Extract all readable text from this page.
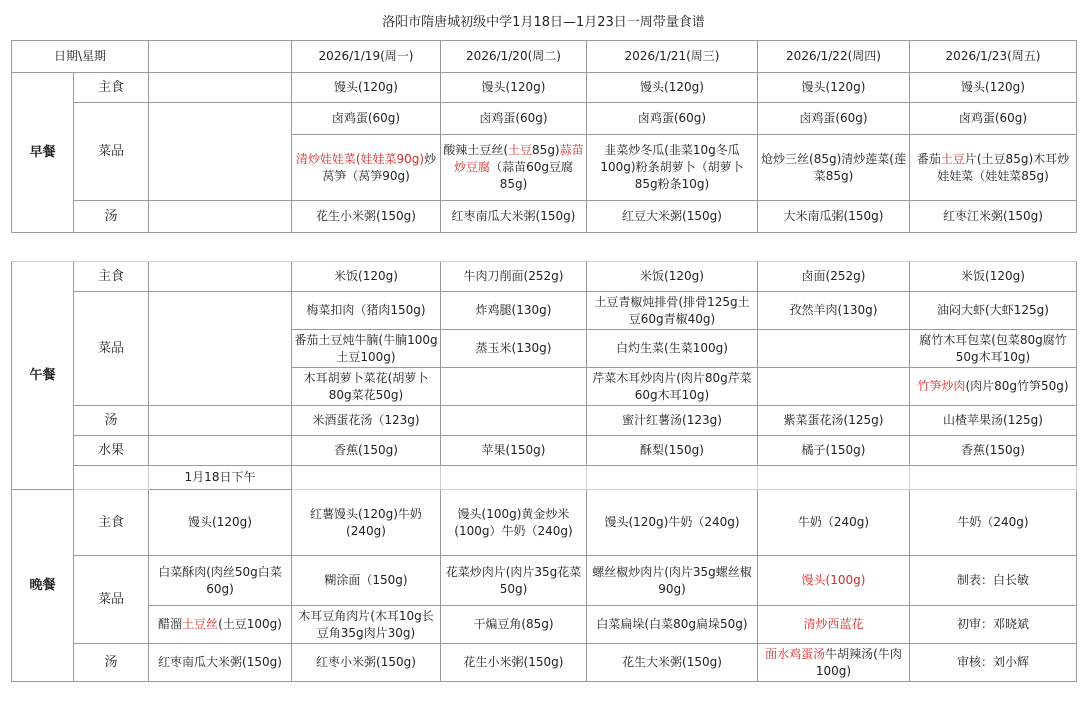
洛阳市隋唐城初级中学1月18日—1月23日一周带量食谱
日期\星期			2026/1/19(周一)	2026/1/20(周二)	2026/1/21(周三)	2026/1/22(周四)	2026/1/23(周五)
早餐	主食		馒头(120g)	馒头(120g)	馒头(120g)	馒头(120g)	馒头(120g)
	菜品		卤鸡蛋(60g)	卤鸡蛋(60g)	卤鸡蛋(60g)	卤鸡蛋(60g)	卤鸡蛋(60g)
			清炒娃娃菜(娃娃菜90g)炒莴笋（莴笋90g)	酸辣土豆丝(土豆85g)蒜苗炒豆腐（蒜苗60g豆腐85g)	韭菜炒冬瓜(韭菜10g冬瓜100g)粉条胡萝卜（胡萝卜85g粉条10g)	炝炒三丝(85g)清炒莲菜(莲菜85g)	番茄土豆片(土豆85g)木耳炒娃娃菜（娃娃菜85g)
	汤		花生小米粥(150g)	红枣南瓜大米粥(150g)	红豆大米粥(150g)	大米南瓜粥(150g)	红枣江米粥(150g)

午餐	主食		米饭(120g)	牛肉刀削面(252g)	米饭(120g)	卤面(252g)	米饭(120g)
	菜品		梅菜扣肉（猪肉150g)	炸鸡腿(130g)	土豆青椒炖排骨(排骨125g土豆60g青椒40g)	孜然羊肉(130g)	油闷大虾(大虾125g)
			番茄土豆炖牛腩(牛腩100g土豆100g)	蒸玉米(130g)	白灼生菜(生菜100g)		腐竹木耳包菜(包菜80g腐竹50g木耳10g)
			木耳胡萝卜菜花(胡萝卜80g菜花50g)		芹菜木耳炒肉片(肉片80g芹菜60g木耳10g)		竹笋炒肉(肉片80g竹笋50g)
	汤		米酒蛋花汤（123g)		蜜汁红薯汤(123g)	紫菜蛋花汤(125g)	山楂苹果汤(125g)
	水果		香蕉(150g)	苹果(150g)	酥梨(150g)	橘子(150g)	香蕉(150g)
		1月18日下午					
晚餐	主食	馒头(120g)	红薯馒头(120g)牛奶(240g)	馒头(100g)黄金炒米(100g）牛奶（240g)	馒头(120g)牛奶（240g)	牛奶（240g)	牛奶（240g)
	菜品	白菜酥肉(肉丝50g白菜60g)	糊涂面（150g)	花菜炒肉片(肉片35g花菜50g)	螺丝椒炒肉片(肉片35g螺丝椒90g)	馒头(100g)	制表：白长敏
		醋溜土豆丝(土豆100g)	木耳豆角肉片(木耳10g长豆角35g肉片30g)	干煸豆角(85g)	白菜扁垛(白菜80g扁垛50g)	清炒西蓝花	初审：邓晓斌
	汤	红枣南瓜大米粥(150g)	红枣小米粥(150g)	花生小米粥(150g)	花生大米粥(150g)	面水鸡蛋汤牛胡辣汤(牛肉100g)	审核：刘小辉
